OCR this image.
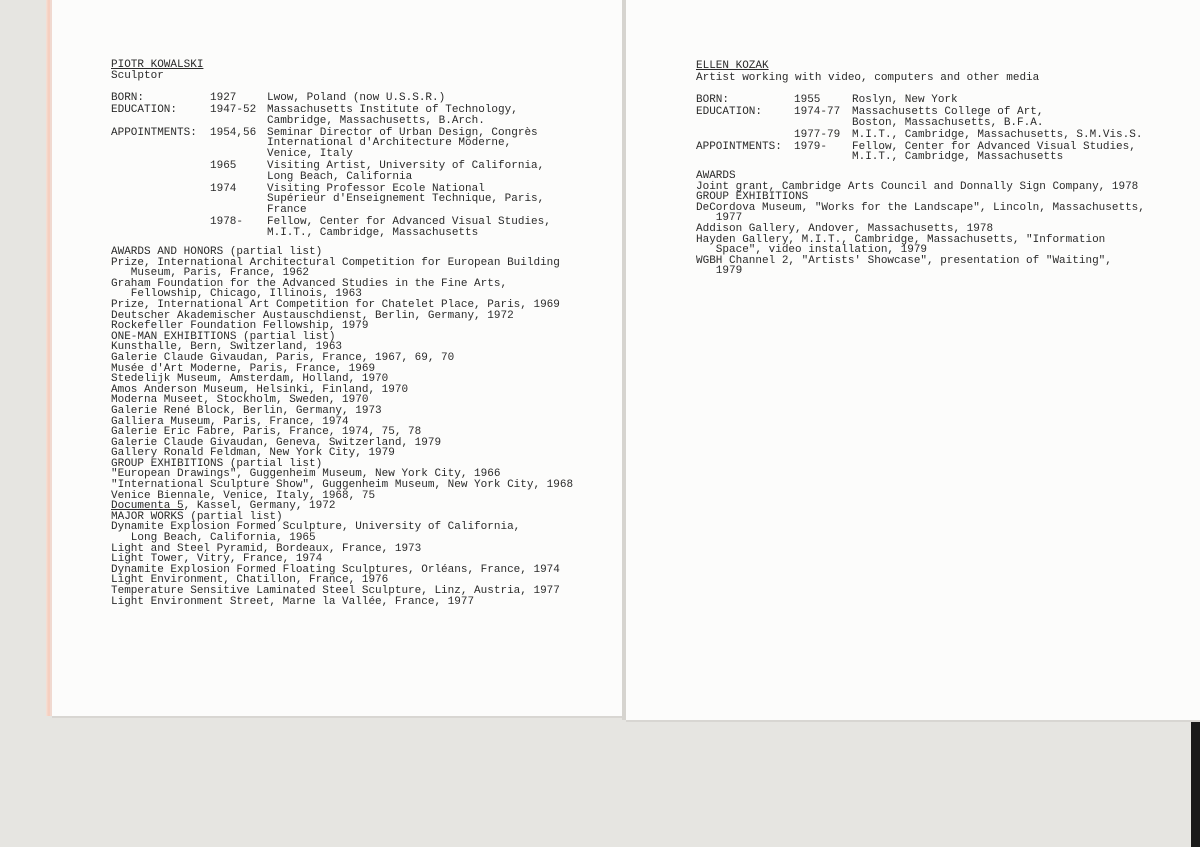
PIOTR KOWALSKI
Sculptor
BORN:	1927	Lwow, Poland (now U.S.S.R.)
EDUCATION:	1947-52 Massachusetts Institute of Technology,
Cambridge, Massachusetts, B.Arch.
APPOINTMENTS: 1954,56 Seminar Director of Urban Design, Congrès
International d'Architecture Moderne,
Venice, Italy
1965	Visiting Artist, University of California,
Long Beach, California
1974	Visiting Professor Ecole National
Supérieur d'Enseignement Technique, Paris,
France
1978- Fellow, Center for Advanced Visual Studies,
M.I.T., Cambridge, Massachusetts
AWARDS AND HONORS (partial list)
Prize, International Architectural Competition for European Building
Museum, Paris, France, 1962
Graham Foundation for the Advanced Studies in the Fine Arts,
Fellowship, Chicago, Illinois, 1963
Prize, International Art Competition for Chatelet Place, Paris, 1969
Deutscher Akademischer Austauschdienst, Berlin, Germany, 1972
Rockefeller Foundation Fellowship, 1979
ONE-MAN EXHIBITIONS (partial list)
Kunsthalle, Bern, Switzerland, 1963
Galerie Claude Givaudan, Paris, France, 1967, 69, 70
Musée d'Art Moderne, Paris, France, 1969
Stedelijk Museum, Amsterdam, Holland, 1970
Amos Anderson Museum, Helsinki, Finland, 1970
Moderna Museet, Stockholm, Sweden, 1970
Galerie René Block, Berlin, Germany, 1973
Galliera Museum, Paris, France, 1974
Galerie Eric Fabre, Paris, France, 1974, 75, 78
Galerie Claude Givaudan, Geneva, Switzerland, 1979
Gallery Ronald Feldman, New York City, 1979
GROUP EXHIBITIONS (partial list)
"European Drawings", Guggenheim Museum, New York City, 1966
"International Sculpture Show", Guggenheim Museum, New York City, 1968
Venice Biennale, Venice, Italy, 1968, 75
Documenta 5, Kassel, Germany, 1972
MAJOR WORKS (partial list)
Dynamite Explosion Formed Sculpture, University of California,
Long Beach, California, 1965
Light and Steel Pyramid, Bordeaux, France, 1973
Light Tower, Vitry, France, 1974
Dynamite Explosion Formed Floating Sculptures, Orléans, France, 1974
Light Environment, Chatillon, France, 1976
Temperature Sensitive Laminated Steel Sculpture, Linz, Austria, 1977
Light Environment Street, Marne la Vallée, France, 1977
ELLEN KOZAK
Artist working with video, computers and other media
BORN:	1955	Roslyn, New York
EDUCATION:	1974-77 Massachusetts College of Art,
Boston, Massachusetts, B.F.A.
1977-79 M.I.T., Cambridge, Massachusetts, S.M.Vis.S.
APPOINTMENTS: 1979- Fellow, Center for Advanced Visual Studies,
M.I.T., Cambridge, Massachusetts
AWARDS
Joint grant, Cambridge Arts Council and Donnally Sign Company, 1978
GROUP EXHIBITIONS
DeCordova Museum, "Works for the Landscape", Lincoln, Massachusetts,
1977
Addison Gallery, Andover, Massachusetts, 1978
Hayden Gallery, M.I.T., Cambridge, Massachusetts, "Information
Space", video installation, 1979
WGBH Channel 2, "Artists' Showcase", presentation of "Waiting",
1979
